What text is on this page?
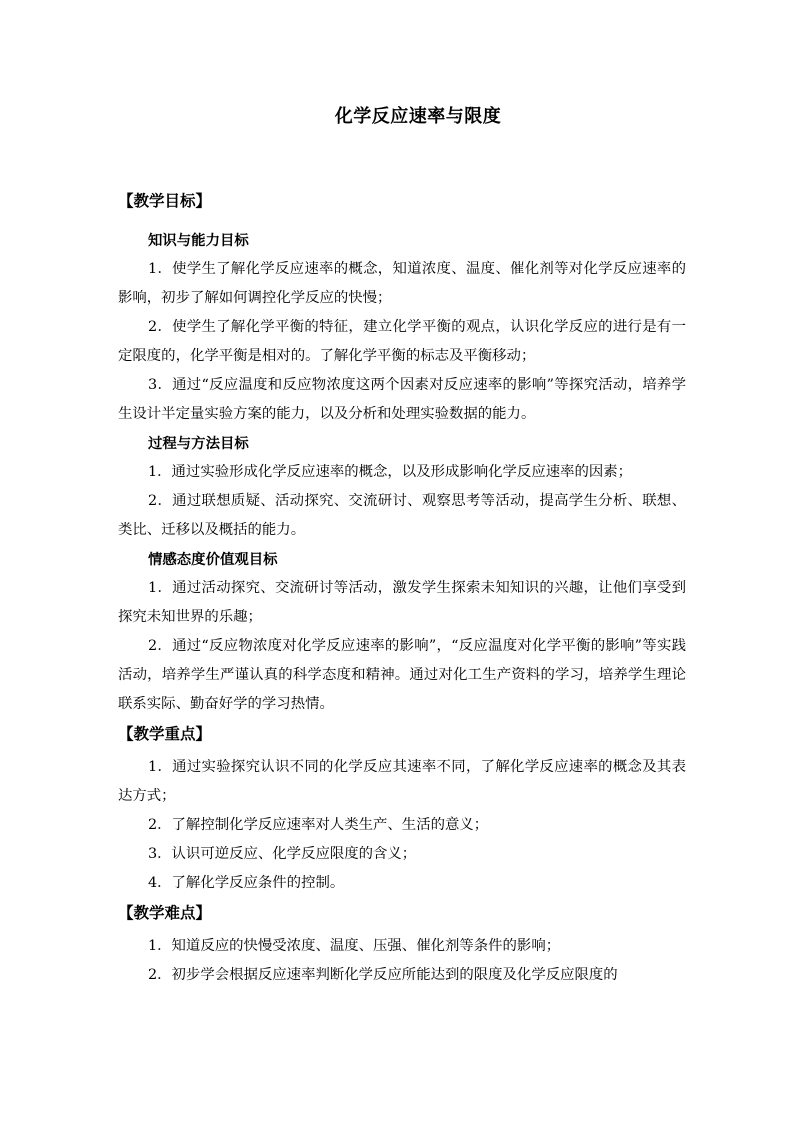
化学反应速率与限度
【教学目标】
知识与能力目标

1．使学生了解化学反应速率的概念，知道浓度、温度、催化剂等对化学反应速率的影响，初步了解如何调控化学反应的快慢；

2．使学生了解化学平衡的特征，建立化学平衡的观点，认识化学反应的进行是有一定限度的，化学平衡是相对的。了解化学平衡的标志及平衡移动；

3．通过“反应温度和反应物浓度这两个因素对反应速率的影响”等探究活动，培养学生设计半定量实验方案的能力，以及分析和处理实验数据的能力。

过程与方法目标

1．通过实验形成化学反应速率的概念，以及形成影响化学反应速率的因素；

2．通过联想质疑、活动探究、交流研讨、观察思考等活动，提高学生分析、联想、类比、迁移以及概括的能力。

情感态度价值观目标

1．通过活动探究、交流研讨等活动，激发学生探索未知知识的兴趣，让他们享受到探究未知世界的乐趣；

2．通过“反应物浓度对化学反应速率的影响”，“反应温度对化学平衡的影响”等实践活动，培养学生严谨认真的科学态度和精神。通过对化工生产资料的学习，培养学生理论联系实际、勤奋好学的学习热情。

【教学重点】

1．通过实验探究认识不同的化学反应其速率不同，了解化学反应速率的概念及其表达方式；

2．了解控制化学反应速率对人类生产、生活的意义；

3．认识可逆反应、化学反应限度的含义；

4．了解化学反应条件的控制。

【教学难点】

1．知道反应的快慢受浓度、温度、压强、催化剂等条件的影响；

2．初步学会根据反应速率判断化学反应所能达到的限度及化学反应限度的
